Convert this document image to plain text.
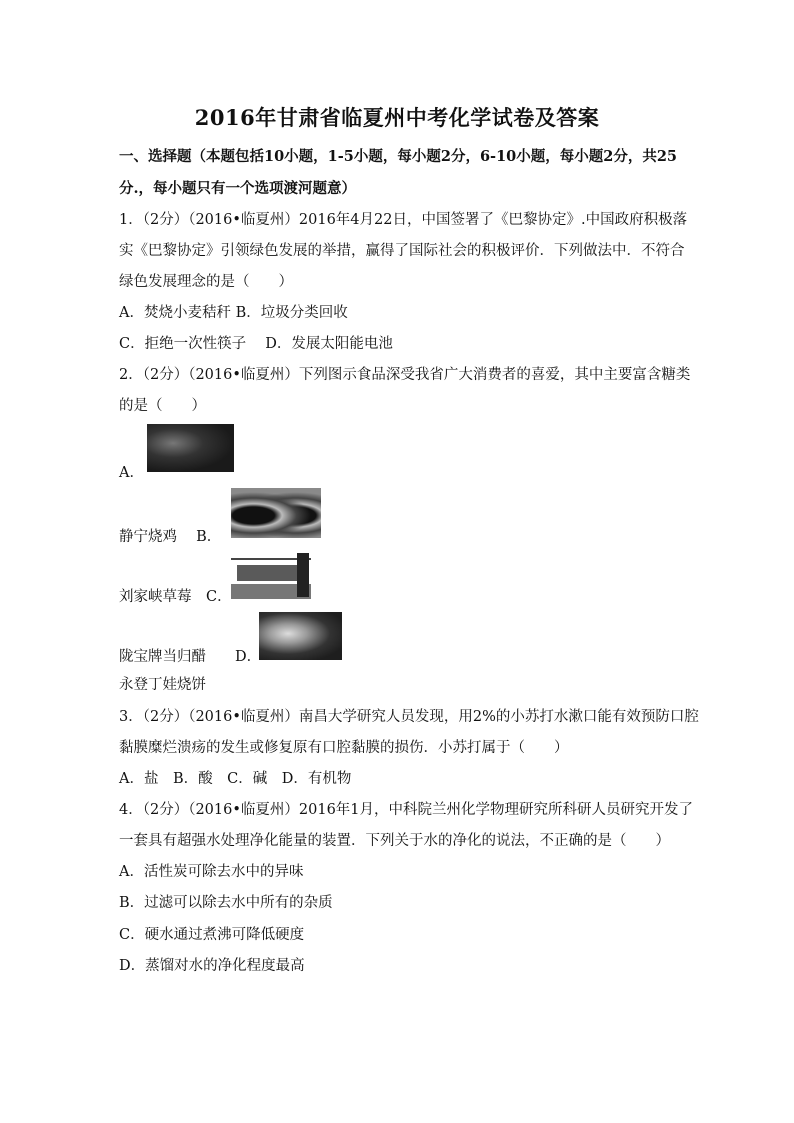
2016年甘肃省临夏州中考化学试卷及答案
一、选择题（本题包括10小题，1-5小题，每小题2分，6-10小题，每小题2分，共25
分.，每小题只有一个选项渡河题意）
1．（2分）（2016•临夏州）2016年4月22日，中国签署了《巴黎协定》.中国政府积极落
实《巴黎协定》引领绿色发展的举措，赢得了国际社会的积极评价．下列做法中．不符合
绿色发展理念的是（　　）
A．焚烧小麦秸秆 B．垃圾分类回收
C．拒绝一次性筷子　 D．发展太阳能电池
2．（2分）（2016•临夏州）下列图示食品深受我省广大消费者的喜爱，其中主要富含糖类
的是（　　）
A．
静宁烧鸡　 B．
刘家峡草莓　C．
陇宝牌当归醋　　D．
永登丁娃烧饼
3．（2分）（2016•临夏州）南昌大学研究人员发现，用2%的小苏打水漱口能有效预防口腔
黏膜糜烂溃疡的发生或修复原有口腔黏膜的损伤．小苏打属于（　　）
A．盐　B．酸　C．碱　D．有机物
4．（2分）（2016•临夏州）2016年1月，中科院兰州化学物理研究所科研人员研究开发了
一套具有超强水处理净化能量的装置．下列关于水的净化的说法，不正确的是（　　）
A．活性炭可除去水中的异味
B．过滤可以除去水中所有的杂质
C．硬水通过煮沸可降低硬度
D．蒸馏对水的净化程度最高
